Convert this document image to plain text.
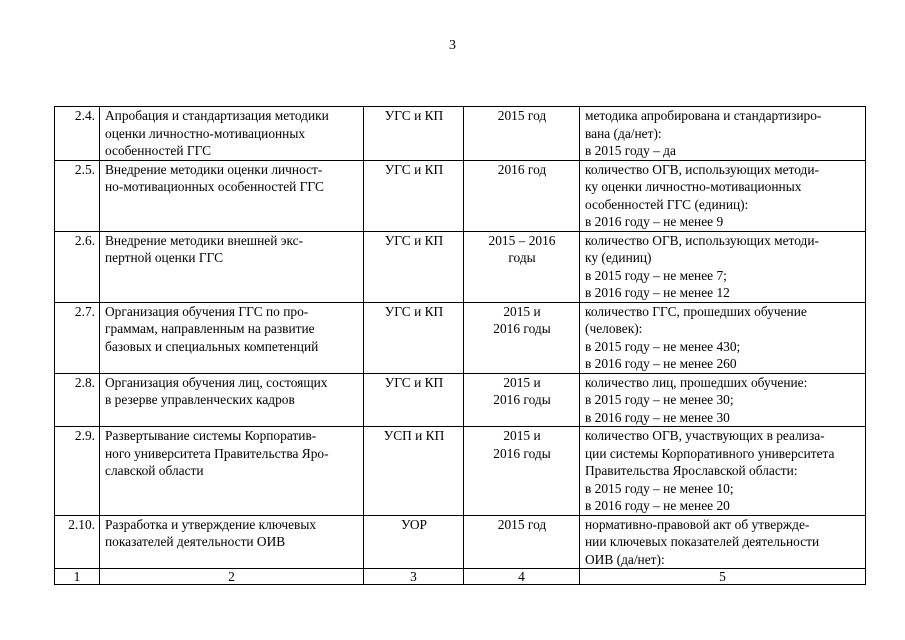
3
2.4.	Апробация и стандартизация методики
оценки личностно-мотивационных
особенностей ГГС	УГС и КП	2015 год	методика апробирована и стандартизиро-
вана (да/нет):
в 2015 году – да
2.5.	Внедрение методики оценки личност-
но-мотивационных особенностей ГГС	УГС и КП	2016 год	количество ОГВ, использующих методи-
ку оценки личностно-мотивационных
особенностей ГГС (единиц):
в 2016 году – не менее 9
2.6.	Внедрение методики внешней экс-
пертной оценки ГГС	УГС и КП	2015 – 2016
годы	количество ОГВ, использующих методи-
ку (единиц)
в 2015 году – не менее 7;
в 2016 году – не менее 12
2.7.	Организация обучения ГГС по про-
граммам, направленным на развитие
базовых и специальных компетенций	УГС и КП	2015 и
2016 годы	количество ГГС, прошедших обучение
(человек):
в 2015 году – не менее 430;
в 2016 году – не менее 260
2.8.	Организация обучения лиц, состоящих
в резерве управленческих кадров	УГС и КП	2015 и
2016 годы	количество лиц, прошедших обучение:
в 2015 году – не менее 30;
в 2016 году – не менее 30
2.9.	Развертывание системы Корпоратив-
ного университета Правительства Яро-
славской области	УСП и КП	2015 и
2016 годы	количество ОГВ, участвующих в реализа-
ции системы Корпоративного университета
Правительства Ярославской области:
в 2015 году – не менее 10;
в 2016 году – не менее 20
2.10.	Разработка и утверждение ключевых
показателей деятельности ОИВ	УОР	2015 год	нормативно-правовой акт об утвержде-
нии ключевых показателей деятельности
ОИВ (да/нет):
1	2	3	4	5
